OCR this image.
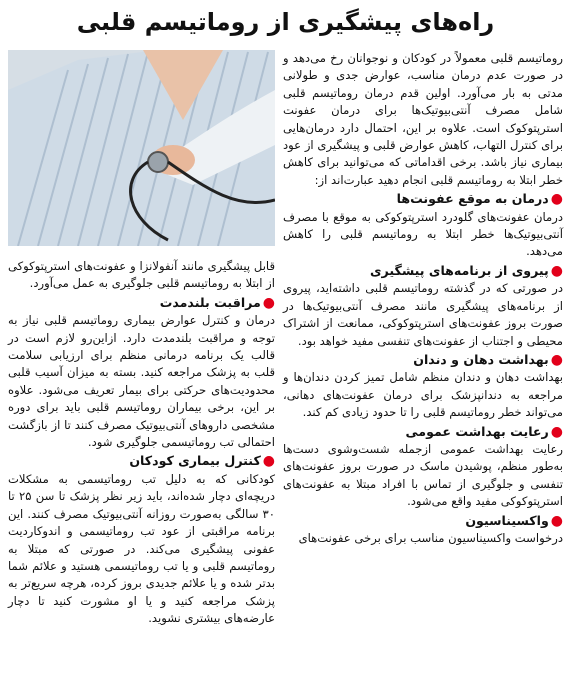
راه‌های پیشگیری از روماتیسم قلبی

روماتیسم قلبی معمولاً در کودکان و نوجوانان رخ می‌دهد و در صورت عدم درمان مناسب، عوارض جدی و طولانی مدتی به بار می‌آورد. اولین قدم درمان روماتیسم قلبی شامل مصرف آنتی‌بیوتیک‌ها برای درمان عفونت استرپتوکوک است. علاوه بر این، احتمال دارد درمان‌هایی برای کنترل التهاب، کاهش عوارض قلبی و پیشگیری از عود بیماری نیاز باشد. برخی اقداماتی که می‌توانید برای کاهش خطر ابتلا به روماتیسم قلبی انجام دهید عبارت‌اند از:

●درمان به موقع عفونت‌ها

درمان عفونت‌های گلودرد استرپتوکوکی به موقع با مصرف آنتی‌بیوتیک‌ها خطر ابتلا به روماتیسم قلبی را کاهش می‌دهد.

●پیروی از برنامه‌های پیشگیری

در صورتی که در گذشته روماتیسم قلبی داشته‌اید، پیروی از برنامه‌های پیشگیری مانند مصرف آنتی‌بیوتیک‌ها در صورت بروز عفونت‌های استرپتوکوکی، ممانعت از اشتراک محیطی و اجتناب از عفونت‌های تنفسی مفید خواهد بود.

●بهداشت دهان و دندان

بهداشت دهان و دندان منظم شامل تمیز کردن دندان‌ها و مراجعه به دندانپزشک برای درمان عفونت‌های دهانی، می‌تواند خطر روماتیسم قلبی را تا حدود زیادی کم کند.

●رعایت بهداشت عمومی

رعایت بهداشت عمومی ازجمله شست‌وشوی دست‌ها به‌طور منظم، پوشیدن ماسک در صورت بروز عفونت‌های تنفسی و جلوگیری از تماس با افراد مبتلا به عفونت‌های استرپتوکوکی مفید واقع می‌شود.

●واکسیناسیون

درخواست واکسیناسیون مناسب برای برخی عفونت‌های

قابل پیشگیری مانند آنفولانزا و عفونت‌های استرپتوکوکی از ابتلا به روماتیسم قلبی جلوگیری به عمل می‌آورد.

●مراقبت بلندمدت

درمان و کنترل عوارض بیماری روماتیسم قلبی نیاز به توجه و مراقبت بلندمدت دارد. ازاین‌رو لازم است در قالب یک برنامه درمانی منظم برای ارزیابی سلامت قلب به پزشک مراجعه کنید. بسته به میزان آسیب قلبی محدودیت‌های حرکتی برای بیمار تعریف می‌شود. علاوه بر این، برخی بیماران روماتیسم قلبی باید برای دوره مشخصی داروهای آنتی‌بیوتیک مصرف کنند تا از بازگشت احتمالی تب روماتیسمی جلوگیری شود.

●کنترل بیماری کودکان

کودکانی که به دلیل تب روماتیسمی به مشکلات دریچه‌ای دچار شده‌اند، باید زیر نظر پزشک تا سن ۲۵ تا ۳۰ سالگی به‌صورت روزانه آنتی‌بیوتیک مصرف کنند. این برنامه مراقبتی از عود تب روماتیسمی و اندوکاردیت عفونی پیشگیری می‌کند. در صورتی که مبتلا به روماتیسم قلبی و یا تب روماتیسمی هستید و علائم شما بدتر شده و یا علائم جدیدی بروز کرده، هرچه سریع‌تر به پزشک مراجعه کنید و یا او مشورت کنید تا دچار عارضه‌های بیشتری نشوید.
